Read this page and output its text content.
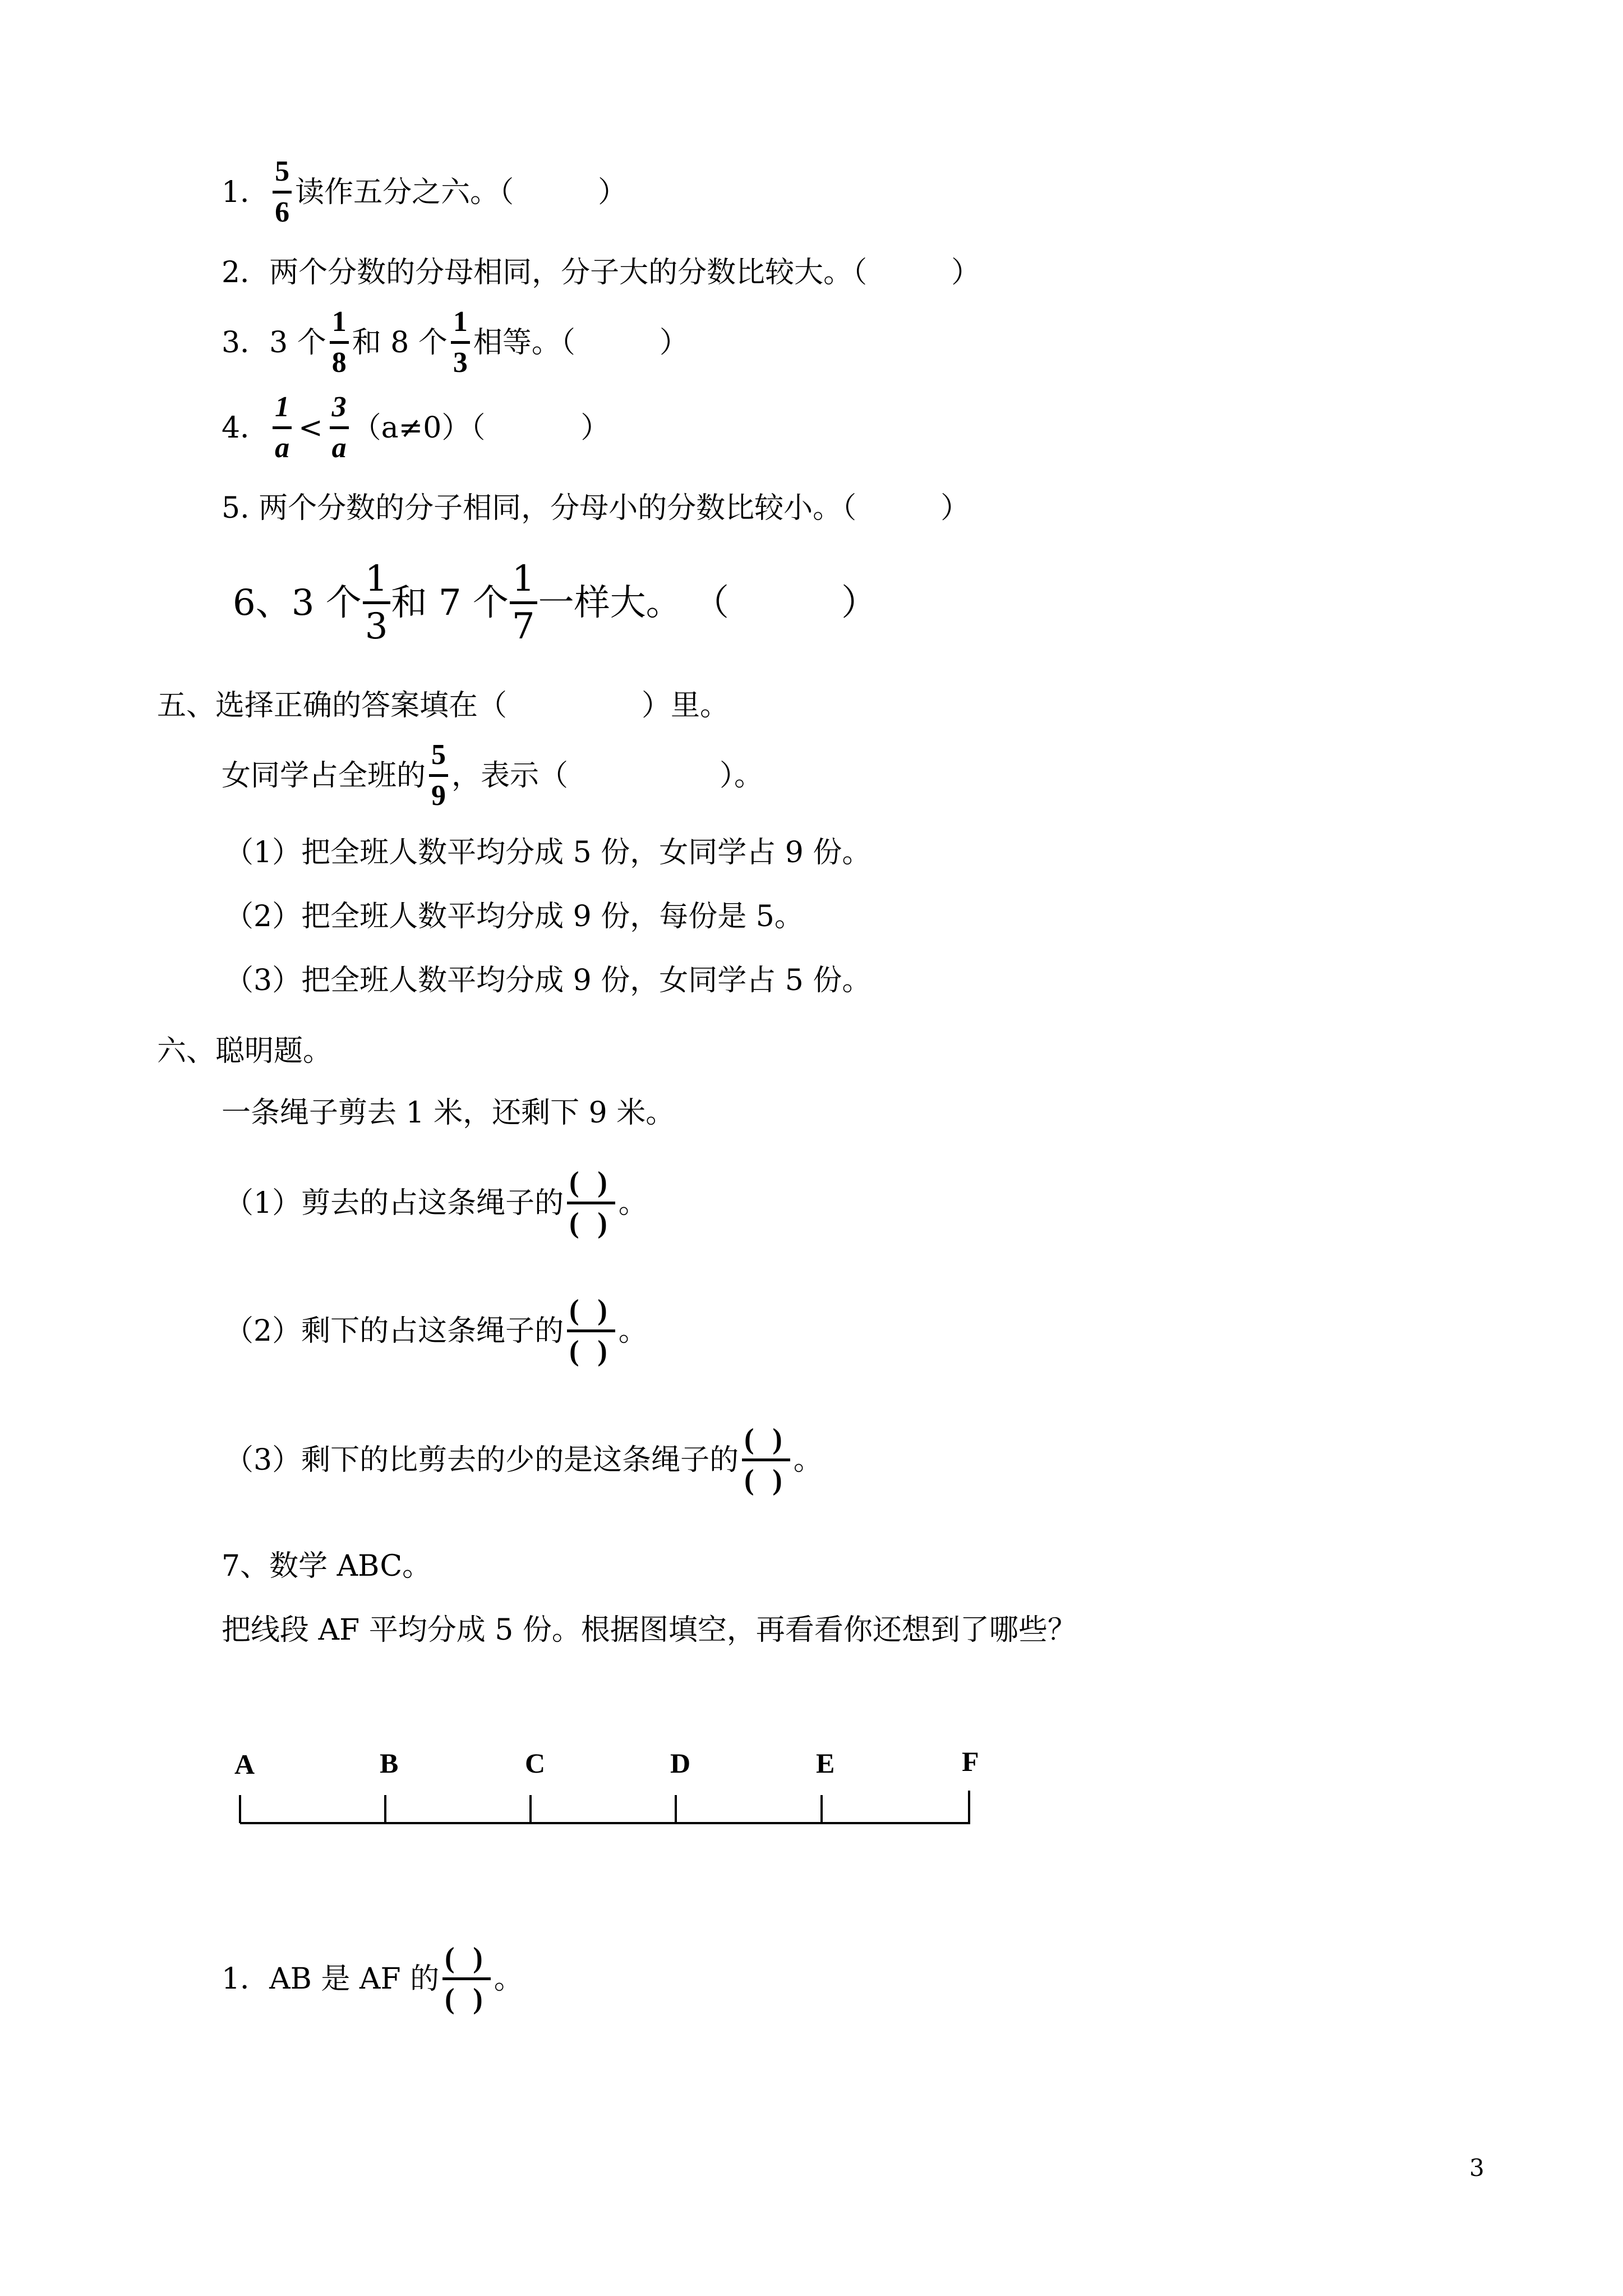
1． $\frac{5}{6}$ 读作五分之六。（	）
2．两个分数的分母相同，分子大的分数比较大。（	）
3．3 个 $\frac{1}{8}$ 和 8 个 $\frac{1}{3}$ 相等。（	）
4． $\frac{1}{a} < \frac{3}{a} (a\ne 0)$（	）
5. 两个分数的分子相同，分母小的分数比较小。（	）
6、3 个 $\frac{1}{3}$ 和 7 个 $\frac{1}{7}$ 一样大。 （	）
五、选择正确的答案填在（	）里。
女同学占全班的 $\frac{5}{9}$ ，表示（	）。
（1）把全班人数平均分成 5 份，女同学占 9 份。
（2）把全班人数平均分成 9 份，每份是 5。
（3）把全班人数平均分成 9 份，女同学占 5 份。
六、聪明题。
一条绳子剪去 1 米，还剩下 9 米。
（1）剪去的占这条绳子的 $\frac{( )}{( )}$ 。
（2）剩下的占这条绳子的 $\frac{( )}{( )}$ 。
（3）剩下的比剪去的少的是这条绳子的 $\frac{( )}{( )}$ 。
7、数学 ABC。
把线段 AF 平均分成 5 份。根据图填空，再看看你还想到了哪些？
A	B	C	D	E	F
1．AB 是 AF 的 $\frac{( )}{( )}$ 。
3
